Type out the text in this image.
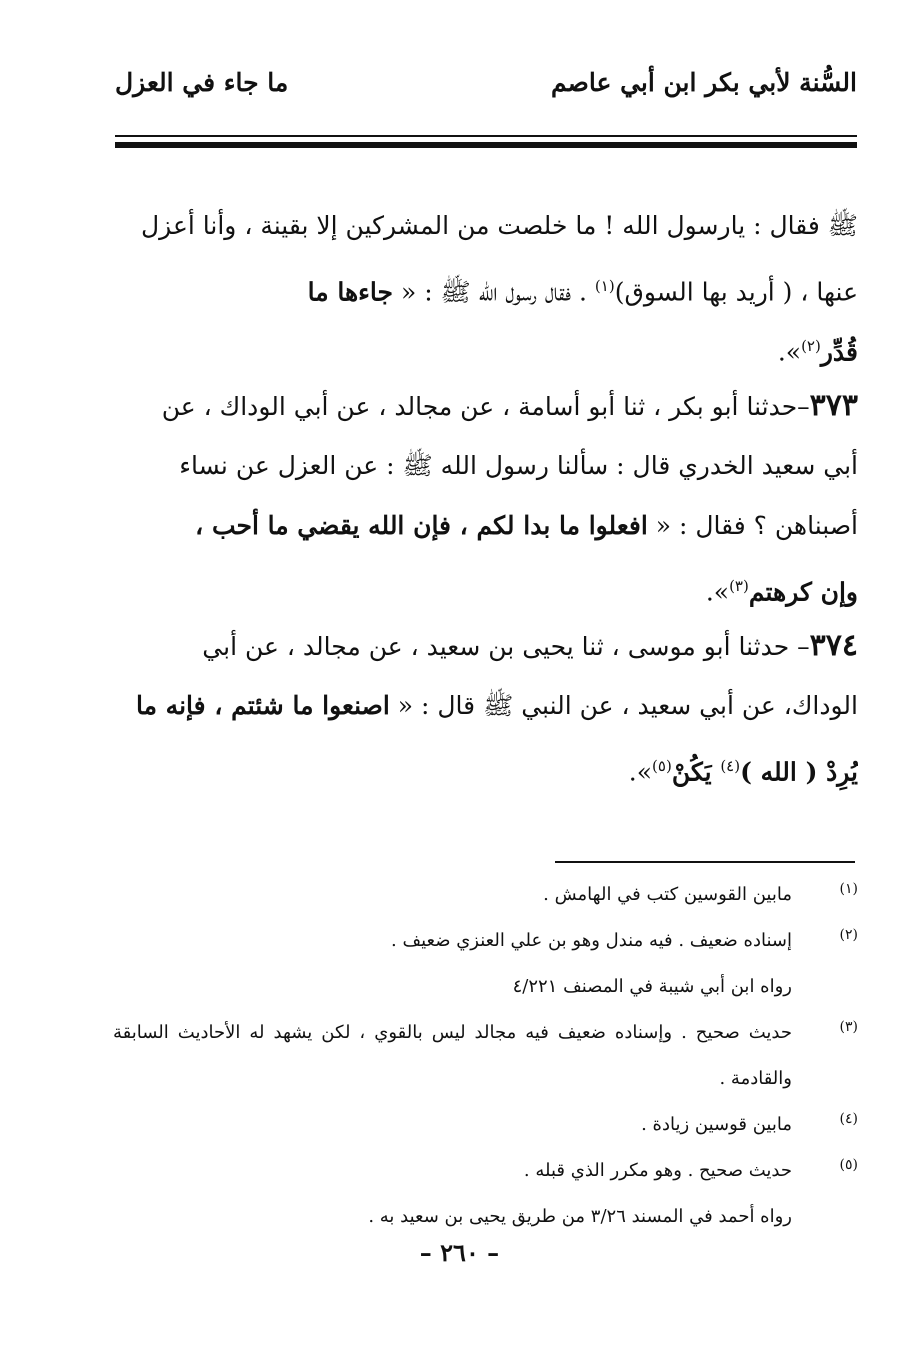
السُّنة لأبي بكر ابن أبي عاصم
ما جاء في العزل
ﷺ فقال : يارسول الله ! ما خلصت من المشركين إلا بقينة ، وأنا أعزل
عنها ، ( أريد بها السوق)$^{(١)}$ . فقال رسول الله ﷺ : « جاءها ما
قُدِّر$^{(٢)}$».
٣٧٣–حدثنا أبو بكر ، ثنا أبو أسامة ، عن مجالد ، عن أبي الوداك ، عن
أبي سعيد الخدري قال : سألنا رسول الله ﷺ : عن العزل عن نساء
أصبناهن ؟ فقال : « افعلوا ما بدا لكم ، فإن الله يقضي ما أحب ،
وإن كرهتم$^{(٣)}$».
٣٧٤– حدثنا أبو موسى ، ثنا يحيى بن سعيد ، عن مجالد ، عن أبي
الوداك، عن أبي سعيد ، عن النبي ﷺ قال : « اصنعوا ما شئتم ، فإنه ما
يُرِدْ ( الله )$^{(٤)}$ يَكُنْ$^{(٥)}$».
(١)
مابين القوسين كتب في الهامش .
(٢)
إسناده ضعيف . فيه مندل وهو بن علي العنزي ضعيف .
رواه ابن أبي شيبة في المصنف ٤/٢٢١
(٣)
حديث صحيح . وإسناده ضعيف فيه مجالد ليس بالقوي ، لكن يشهد له الأحاديث السابقة
والقادمة .
(٤)
مابين قوسين زيادة .
(٥)
حديث صحيح . وهو مكرر الذي قبله .
رواه أحمد في المسند ٣/٢٦ من طريق يحيى بن سعيد به .
– ٢٦٠ –
